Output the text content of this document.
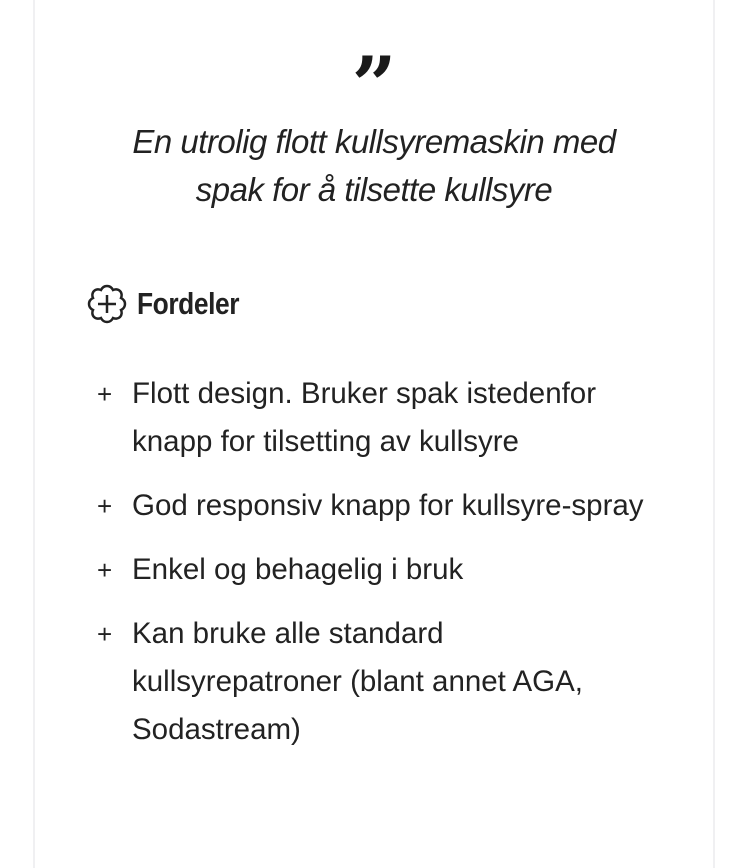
”
En utrolig flott kullsyremaskin med spak for å tilsette kullsyre
Fordeler
+ Flott design. Bruker spak istedenfor knapp for tilsetting av kullsyre
+ God responsiv knapp for kullsyre-spray
+ Enkel og behagelig i bruk
+ Kan bruke alle standard kullsyrepatroner (blant annet AGA, Sodastream)
